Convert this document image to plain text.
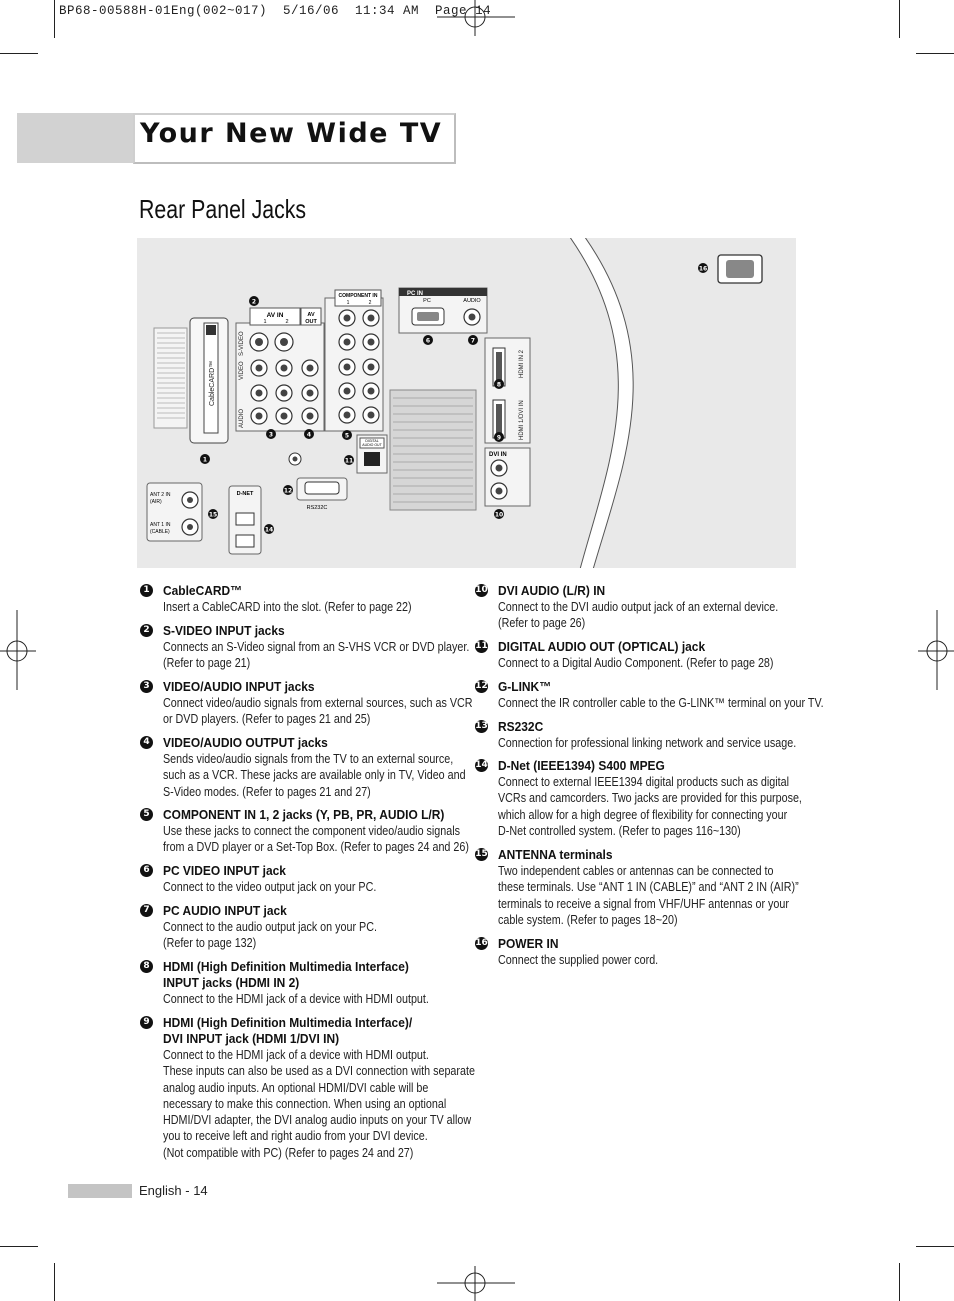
BP68-00588H-01Eng(002~017)  5/16/06  11:34 AM  Page 14
Your New Wide TV
Rear Panel Jacks
CableCARD™
AV IN
1	2
AV
OUT
S-VIDEO
VIDEO
AUDIO
COMPONENT IN
1	2
PC IN
PC	AUDIO
DIGITAL
AUDIO OUT
HDMI IN 2
HDMI 1/DVI IN
DVI IN
RS232C
ANT 2 IN
(AIR)
ANT 1 IN
(CABLE)
D-NET
1
2
3	4	5
6	7
8
9
10
11
12
14
15
16
1 CableCARD™
Insert a CableCARD into the slot. (Refer to page 22)
2 S-VIDEO INPUT jacks
Connects an S-Video signal from an S-VHS VCR or DVD player.
(Refer to page 21)
3 VIDEO/AUDIO INPUT jacks
Connect video/audio signals from external sources, such as VCR
or DVD players. (Refer to pages 21 and 25)
4 VIDEO/AUDIO OUTPUT jacks
Sends video/audio signals from the TV to an external source,
such as a VCR. These jacks are available only in TV, Video and
S-Video modes. (Refer to pages 21 and 27)
5 COMPONENT IN 1, 2 jacks (Y, PB, PR, AUDIO L/R)
Use these jacks to connect the component video/audio signals
from a DVD player or a Set-Top Box. (Refer to pages 24 and 26)
6 PC VIDEO INPUT jack
Connect to the video output jack on your PC.
7 PC AUDIO INPUT jack
Connect to the audio output jack on your PC.
(Refer to page 132)
8 HDMI (High Definition Multimedia Interface)
INPUT jacks (HDMI IN 2)
Connect to the HDMI jack of a device with HDMI output.
9 HDMI (High Definition Multimedia Interface)/
DVI INPUT jack (HDMI 1/DVI IN)
Connect to the HDMI jack of a device with HDMI output.
These inputs can also be used as a DVI connection with separate
analog audio inputs. An optional HDMI/DVI cable will be
necessary to make this connection. When using an optional
HDMI/DVI adapter, the DVI analog audio inputs on your TV allow
you to receive left and right audio from your DVI device.
(Not compatible with PC) (Refer to pages 24 and 27)
10 DVI AUDIO (L/R) IN
Connect to the DVI audio output jack of an external device.
(Refer to page 26)
11 DIGITAL AUDIO OUT (OPTICAL) jack
Connect to a Digital Audio Component. (Refer to page 28)
12 G-LINK™
Connect the IR controller cable to the G-LINK™ terminal on your TV.
13 RS232C
Connection for professional linking network and service usage.
14 D-Net (IEEE1394) S400 MPEG
Connect to external IEEE1394 digital products such as digital
VCRs and camcorders. Two jacks are provided for this purpose,
which allow for a high degree of flexibility for connecting your
D-Net controlled system. (Refer to pages 116~130)
15 ANTENNA terminals
Two independent cables or antennas can be connected to
these terminals. Use “ANT 1 IN (CABLE)” and “ANT 2 IN (AIR)”
terminals to receive a signal from VHF/UHF antennas or your
cable system. (Refer to pages 18~20)
16 POWER IN
Connect the supplied power cord.
English - 14
